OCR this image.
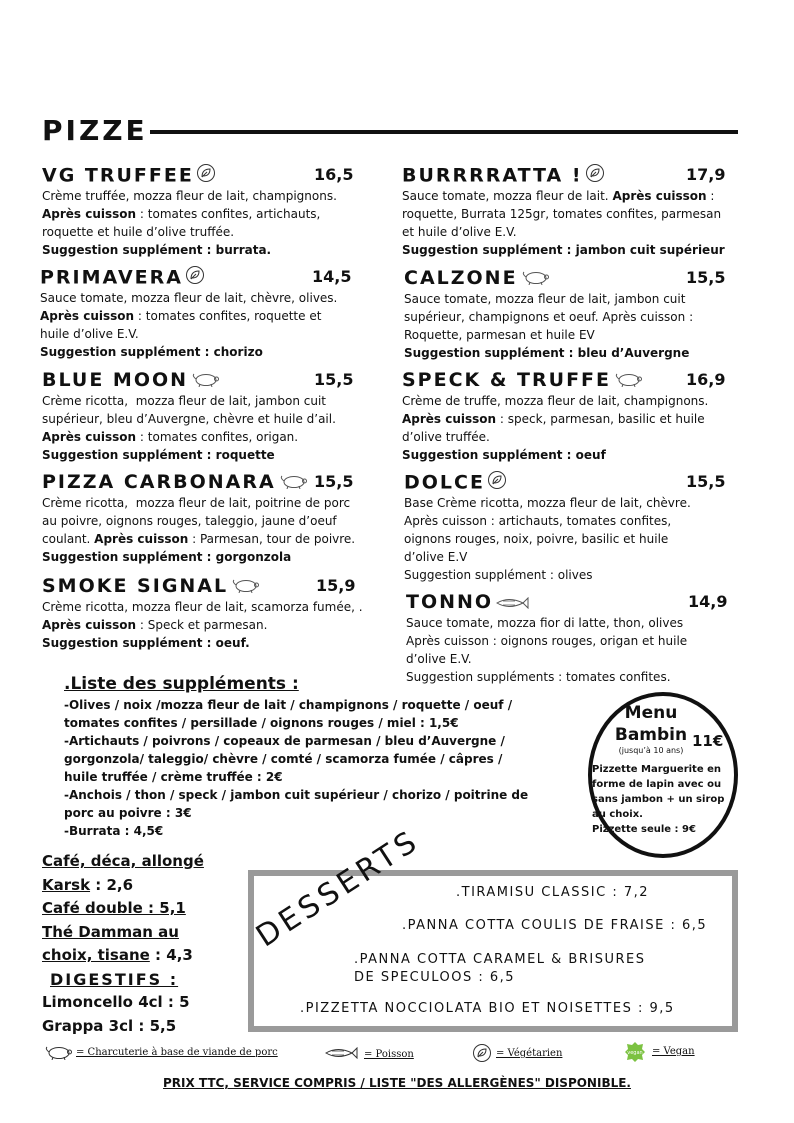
PIZZE
VG TRUFFEE	16,5
Crème truffée, mozza fleur de lait, champignons.
Après cuisson : tomates confites, artichauts,
roquette et huile d’olive truffée.
Suggestion supplément : burrata.
PRIMAVERA	14,5
Sauce tomate, mozza fleur de lait, chèvre, olives.
Après cuisson : tomates confites, roquette et
huile d’olive E.V.
Suggestion supplément : chorizo
BLUE MOON	15,5
Crème ricotta,  mozza fleur de lait, jambon cuit
supérieur, bleu d’Auvergne, chèvre et huile d’ail.
Après cuisson : tomates confites, origan.
Suggestion supplément : roquette
PIZZA CARBONARA	15,5
Crème ricotta,  mozza fleur de lait, poitrine de porc
au poivre, oignons rouges, taleggio, jaune d’oeuf
coulant. Après cuisson : Parmesan, tour de poivre.
Suggestion supplément : gorgonzola
SMOKE SIGNAL	15,9
Crème ricotta, mozza fleur de lait, scamorza fumée, .
Après cuisson : Speck et parmesan.
Suggestion supplément : oeuf.
BURRRRATTA !	17,9
Sauce tomate, mozza fleur de lait. Après cuisson :
roquette, Burrata 125gr, tomates confites, parmesan
et huile d’olive E.V.
Suggestion supplément : jambon cuit supérieur
CALZONE	15,5
Sauce tomate, mozza fleur de lait, jambon cuit
supérieur, champignons et oeuf. Après cuisson :
Roquette, parmesan et huile EV
Suggestion supplément : bleu d’Auvergne
SPECK & TRUFFE	16,9
Crème de truffe, mozza fleur de lait, champignons.
Après cuisson : speck, parmesan, basilic et huile
d’olive truffée.
Suggestion supplément : oeuf
DOLCE	15,5
Base Crème ricotta, mozza fleur de lait, chèvre.
Après cuisson : artichauts, tomates confites,
oignons rouges, noix, poivre, basilic et huile
d’olive E.V
Suggestion supplément : olives
TONNO	14,9
Sauce tomate, mozza fior di latte, thon, olives
Après cuisson : oignons rouges, origan et huile
d’olive E.V.
Suggestion suppléments : tomates confites.
.Liste des suppléments :
-Olives / noix /mozza fleur de lait / champignons / roquette / oeuf /
tomates confites / persillade / oignons rouges / miel : 1,5€
-Artichauts / poivrons / copeaux de parmesan / bleu d’Auvergne /
gorgonzola/ taleggio/ chèvre / comté / scamorza fumée / câpres /
huile truffée / crème truffée : 2€
-Anchois / thon / speck / jambon cuit supérieur / chorizo / poitrine de
porc au poivre : 3€
-Burrata : 4,5€
Menu
Bambin 11€
(jusqu’à 10 ans)
Pizzette Marguerite en
forme de lapin avec ou
sans jambon + un sirop
au choix.
Pizzette seule : 9€
Café, déca, allongé
Karsk : 2,6
Café double : 5,1
Thé Damman au
choix, tisane : 4,3
DIGESTIFS :
Limoncello 4cl : 5
Grappa 3cl : 5,5
DESSERTS .TIRAMISU CLASSIC : 7,2
.PANNA COTTA COULIS DE FRAISE : 6,5
.PANNA COTTA CARAMEL & BRISURES
DE SPECULOOS : 6,5
.PIZZETTA NOCCIOLATA BIO ET NOISETTES : 9,5
= Charcuterie à base de viande de porc	= Poisson	= Végétarien	vegan = Vegan
PRIX TTC, SERVICE COMPRIS / LISTE "DES ALLERGÈNES" DISPONIBLE.
